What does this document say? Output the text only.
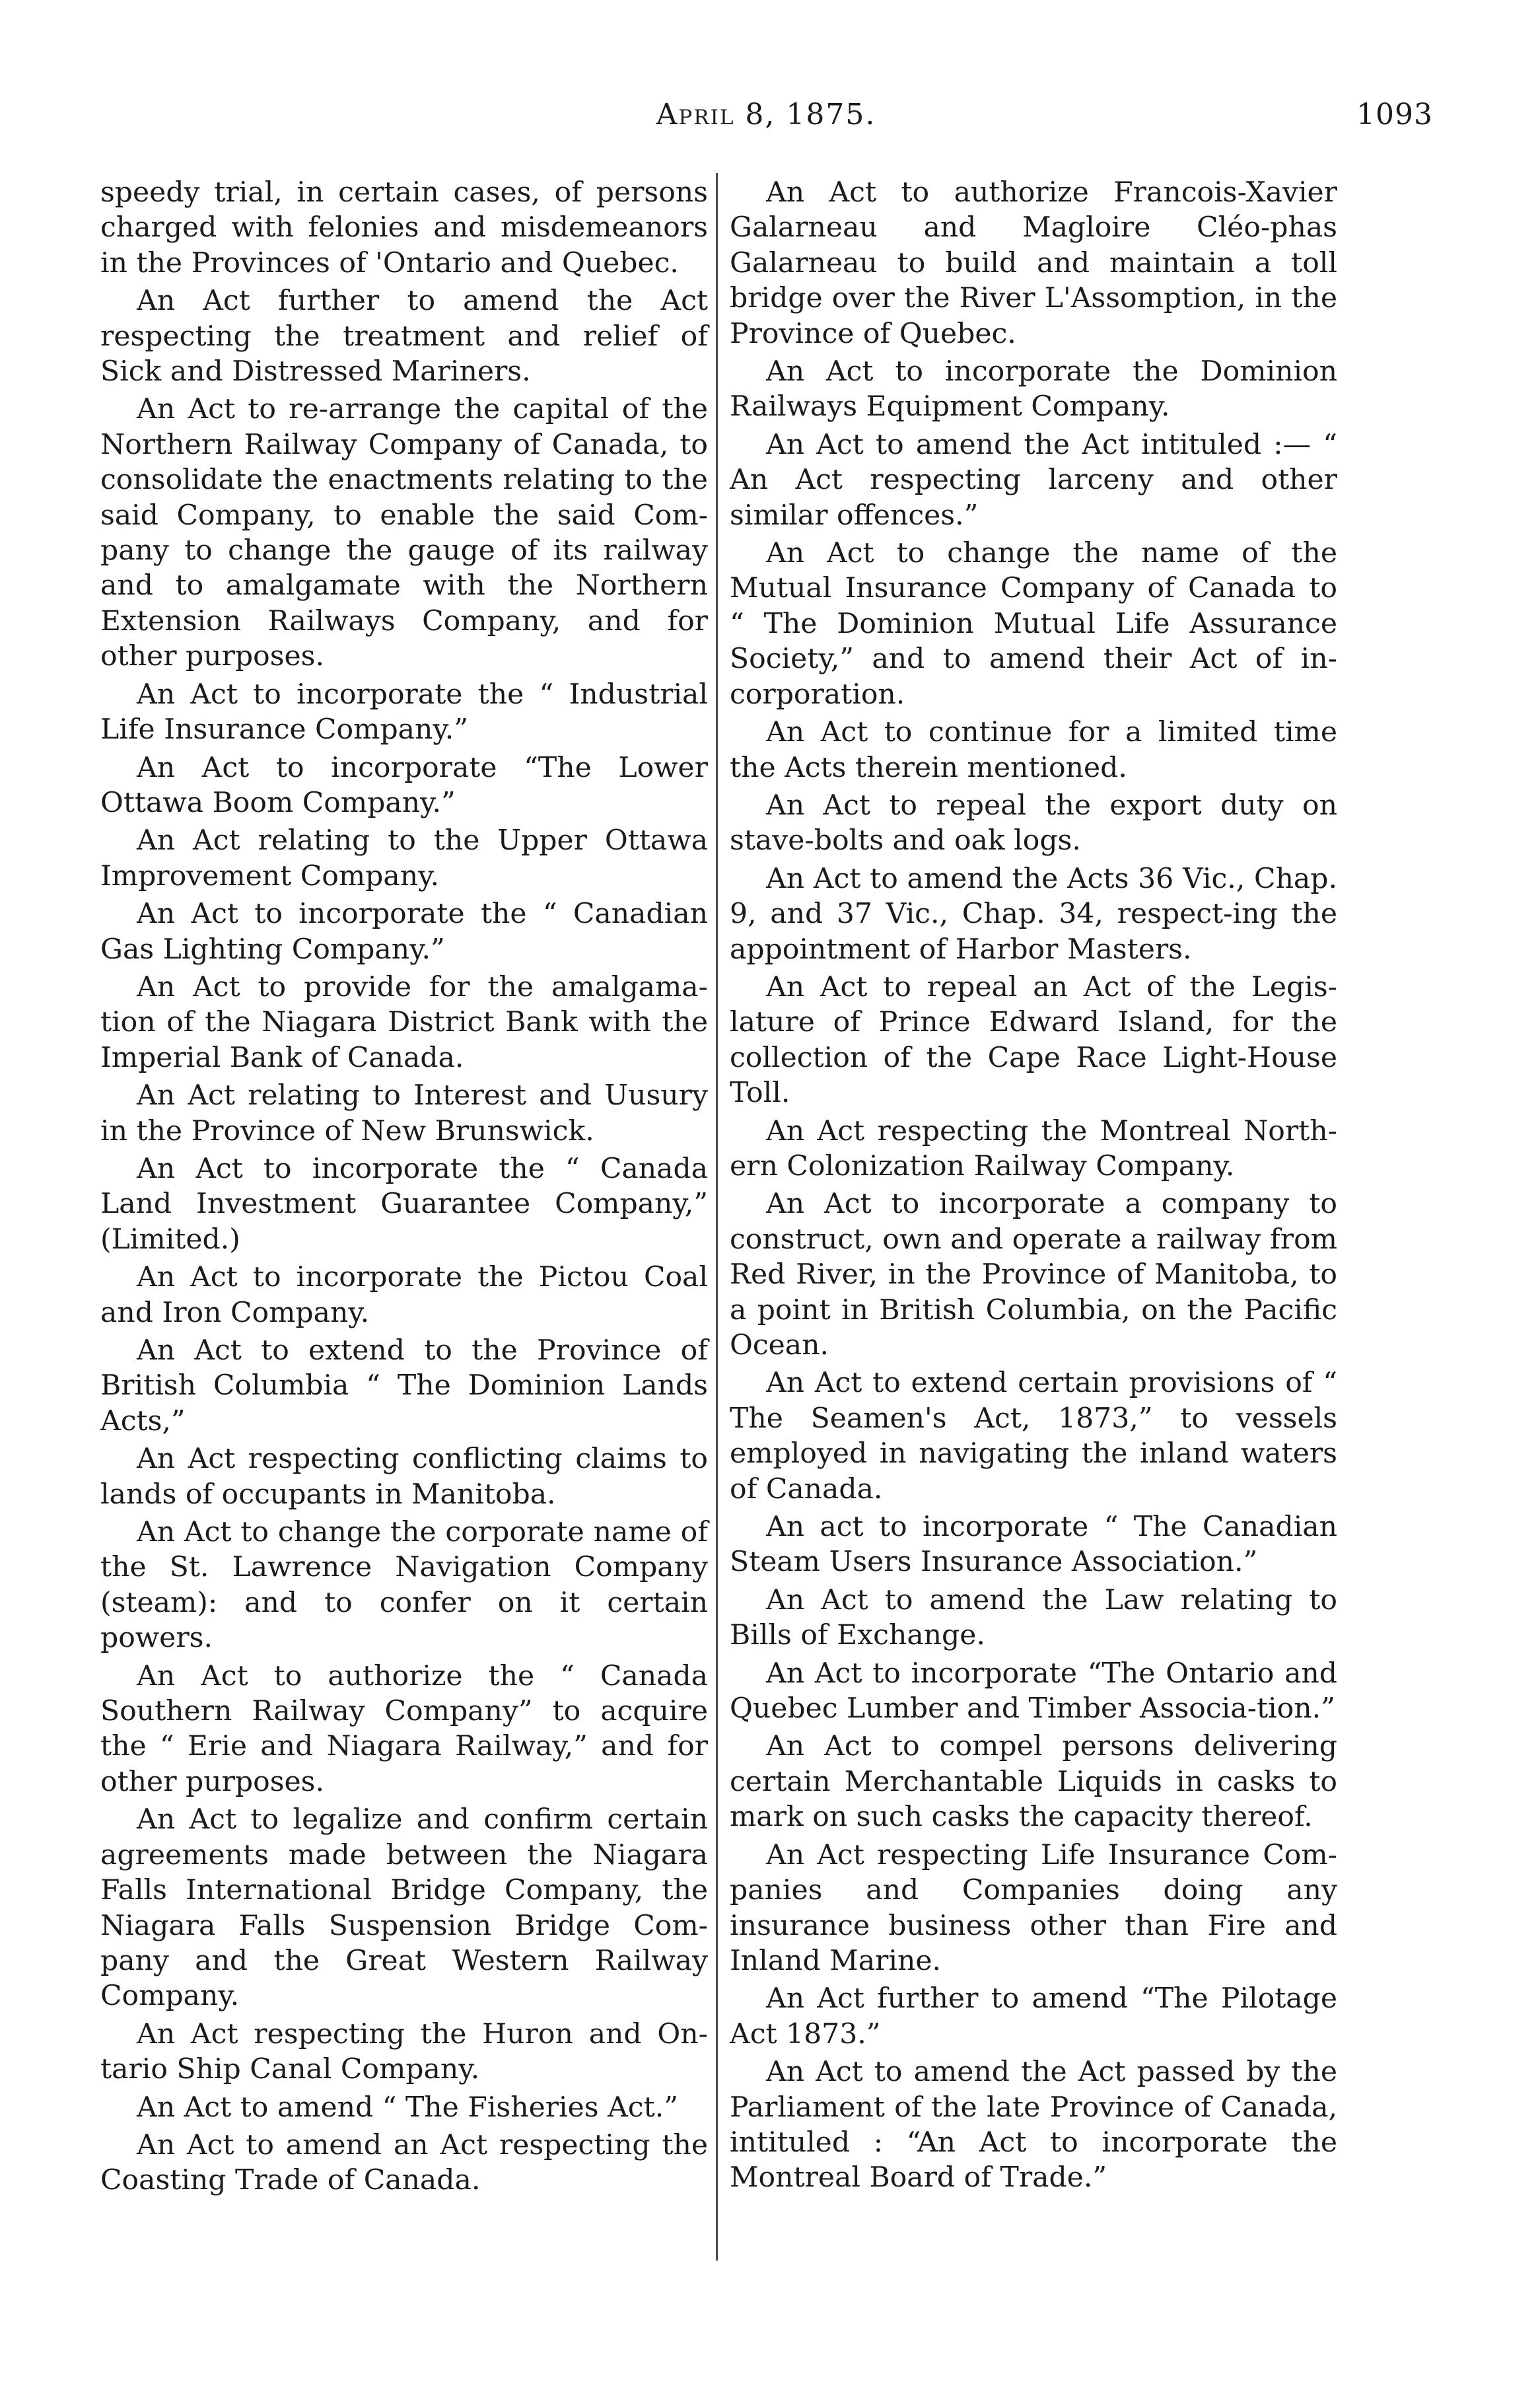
April 8, 1875.	1093

speedy trial, in certain cases, of persons charged with felonies and misdemeanors in the Provinces of 'Ontario and Quebec.

An Act further to amend the Act respecting the treatment and relief of Sick and Distressed Mariners.

An Act to re-arrange the capital of the Northern Railway Company of Canada, to consolidate the enactments relating to the said Company, to enable the said Com-pany to change the gauge of its railway and to amalgamate with the Northern Extension Railways Company, and for other purposes.

An Act to incorporate the “ Industrial Life Insurance Company.”

An Act to incorporate “The Lower Ottawa Boom Company.”

An Act relating to the Upper Ottawa Improvement Company.

An Act to incorporate the “ Canadian Gas Lighting Company.”

An Act to provide for the amalgama-tion of the Niagara District Bank with the Imperial Bank of Canada.

An Act relating to Interest and Uusury in the Province of New Brunswick.

An Act to incorporate the “ Canada Land Investment Guarantee Company,” (Limited.)

An Act to incorporate the Pictou Coal and Iron Company.

An Act to extend to the Province of British Columbia “ The Dominion Lands Acts,”

An Act respecting conflicting claims to lands of occupants in Manitoba.

An Act to change the corporate name of the St. Lawrence Navigation Company (steam): and to confer on it certain powers.

An Act to authorize the “ Canada Southern Railway Company” to acquire the “ Erie and Niagara Railway,” and for other purposes.

An Act to legalize and confirm certain agreements made between the Niagara Falls International Bridge Company, the Niagara Falls Suspension Bridge Com-pany and the Great Western Railway Company.

An Act respecting the Huron and On-tario Ship Canal Company.

An Act to amend “ The Fisheries Act.”

An Act to amend an Act respecting the Coasting Trade of Canada.

An Act to authorize Francois-Xavier Galarneau and Magloire Cléo-phas Galarneau to build and maintain a toll bridge over the River L'Assomption, in the Province of Quebec.

An Act to incorporate the Dominion Railways Equipment Company.

An Act to amend the Act intituled :— “ An Act respecting larceny and other similar offences.”

An Act to change the name of the Mutual Insurance Company of Canada to “ The Dominion Mutual Life Assurance Society,” and to amend their Act of in-corporation.

An Act to continue for a limited time the Acts therein mentioned.

An Act to repeal the export duty on stave-bolts and oak logs.

An Act to amend the Acts 36 Vic., Chap. 9, and 37 Vic., Chap. 34, respect-ing the appointment of Harbor Masters.

An Act to repeal an Act of the Legis-lature of Prince Edward Island, for the collection of the Cape Race Light-House Toll.

An Act respecting the Montreal North-ern Colonization Railway Company.

An Act to incorporate a company to construct, own and operate a railway from Red River, in the Province of Manitoba, to a point in British Columbia, on the Pacific Ocean.

An Act to extend certain provisions of “ The Seamen's Act, 1873,” to vessels employed in navigating the inland waters of Canada.

An act to incorporate “ The Canadian Steam Users Insurance Association.”

An Act to amend the Law relating to Bills of Exchange.

An Act to incorporate “The Ontario and Quebec Lumber and Timber Associa-tion.”

An Act to compel persons delivering certain Merchantable Liquids in casks to mark on such casks the capacity thereof.

An Act respecting Life Insurance Com-panies and Companies doing any insurance business other than Fire and Inland Marine.

An Act further to amend “The Pilotage Act 1873.”

An Act to amend the Act passed by the Parliament of the late Province of Canada, intituled : “An Act to incorporate the Montreal Board of Trade.”
